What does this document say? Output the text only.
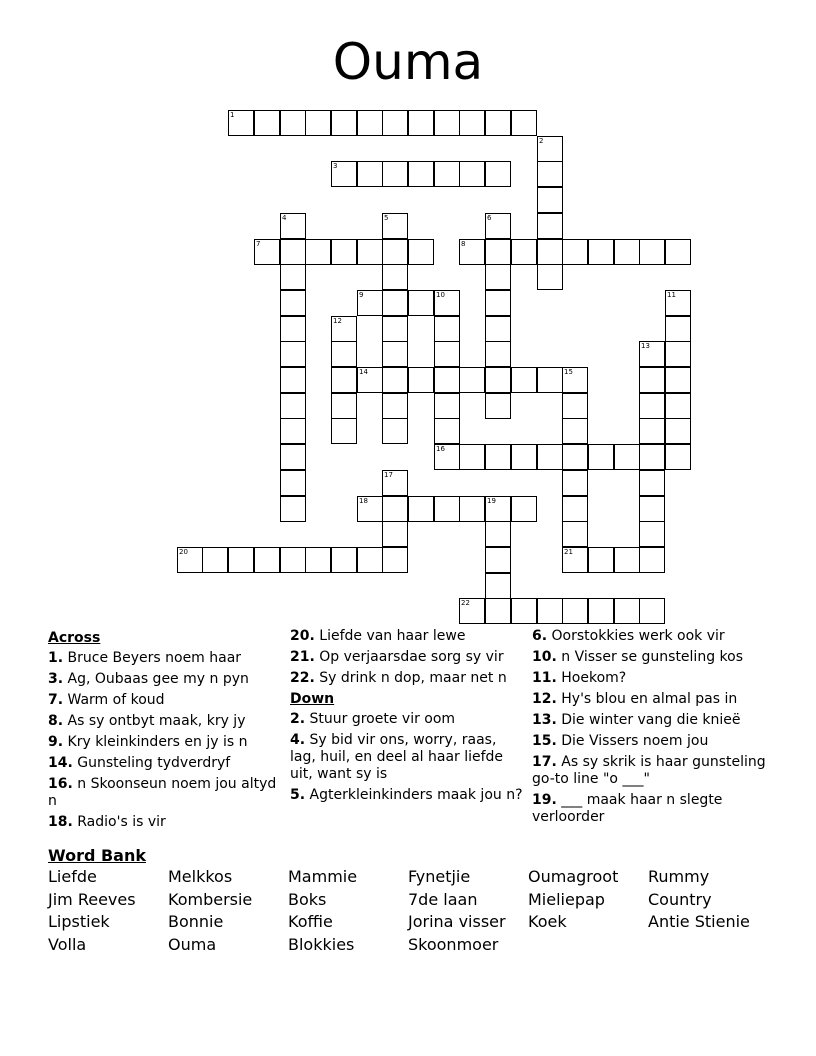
Ouma
1
2
3
4	5	6
7	8
9	10	11
12
13
14	15
16
17
18	19
20	21
22
Across
1. Bruce Beyers noem haar
3. Ag, Oubaas gee my n pyn
7. Warm of koud
8. As sy ontbyt maak, kry jy
9. Kry kleinkinders en jy is n
14. Gunsteling tydverdryf
16. n Skoonseun noem jou altyd n
18. Radio's is vir
20. Liefde van haar lewe
21. Op verjaarsdae sorg sy vir
22. Sy drink n dop, maar net n
Down
2. Stuur groete vir oom
4. Sy bid vir ons, worry, raas, lag, huil, en deel al haar liefde uit, want sy is
5. Agterkleinkinders maak jou n?
6. Oorstokkies werk ook vir
10. n Visser se gunsteling kos
11. Hoekom?
12. Hy's blou en almal pas in
13. Die winter vang die knieë
15. Die Vissers noem jou
17. As sy skrik is haar gunsteling go-to line "o ___"
19. ___ maak haar n slegte verloorder
Word Bank
Liefde	Melkkos	Mammie	Fynetjie	Oumagroot	Rummy
Jim Reeves	Kombersie	Boks	7de laan	Mieliepap	Country
Lipstiek	Bonnie	Koffie	Jorina visser	Koek	Antie Stienie
Volla	Ouma	Blokkies	Skoonmoer
